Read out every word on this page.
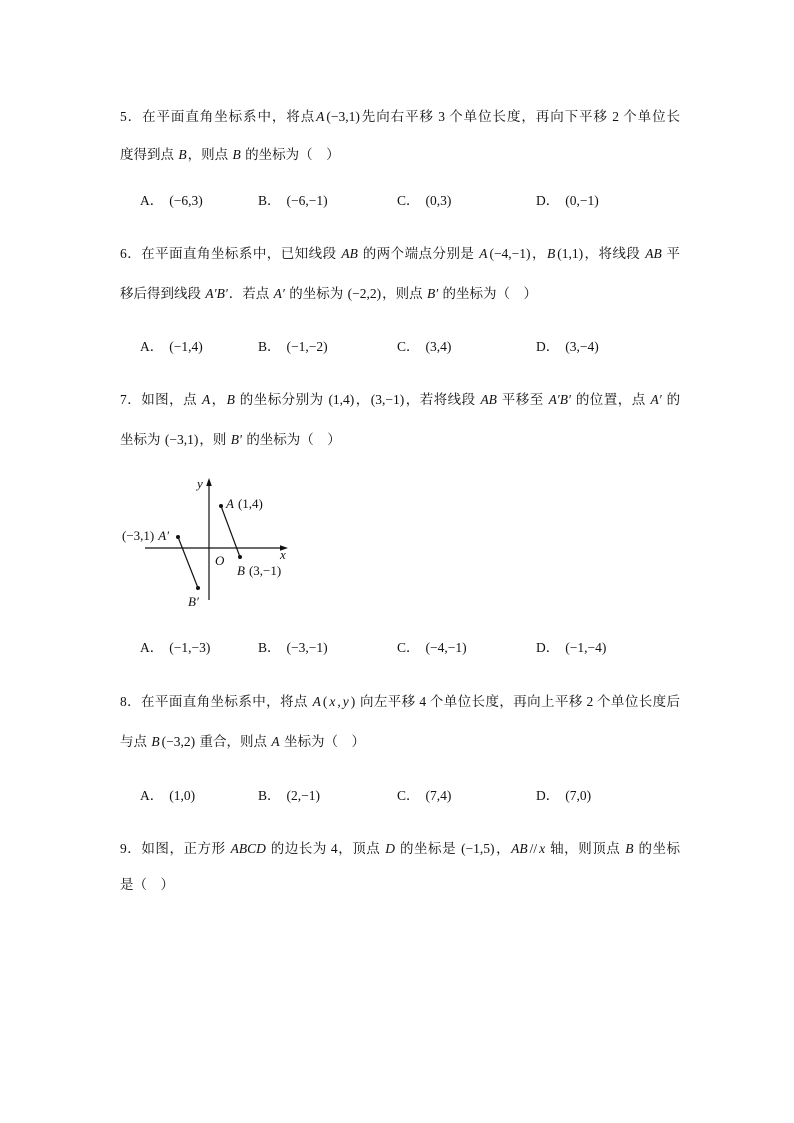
5．在平面直角坐标系中，将点A (−3,1)先向右平移 3 个单位长度，再向下平移 2 个单位长
度得到点 B，则点 B 的坐标为（　）
A． (−6,3)	B． (−6,−1)	C． (0,3)	D． (0,−1)
6．在平面直角坐标系中，已知线段 AB 的两个端点分别是 A (−4,−1)，B (1,1)，将线段 AB 平
移后得到线段 A′B′．若点 A′ 的坐标为 (−2,2)，则点 B′ 的坐标为（　）
A． (−1,4)	B． (−1,−2)	C． (3,4)	D． (3,−4)
7．如图，点 A，B 的坐标分别为 (1,4)，(3,−1)，若将线段 AB 平移至 A′B′ 的位置，点 A′ 的
坐标为 (−3,1)，则 B′ 的坐标为（　）
y
x
O
A (1,4)
B (3,−1)
(−3,1) A′
B′
A． (−1,−3)	B． (−3,−1)	C． (−4,−1)	D． (−1,−4)
8．在平面直角坐标系中，将点 A ( x , y ) 向左平移 4 个单位长度，再向上平移 2 个单位长度后
与点 B (−3,2) 重合，则点 A 坐标为（　）
A． (1,0)	B． (2,−1)	C． (7,4)	D． (7,0)
9．如图，正方形 ABCD 的边长为 4，顶点 D 的坐标是 (−1,5)，AB // x 轴，则顶点 B 的坐标
是（　）
